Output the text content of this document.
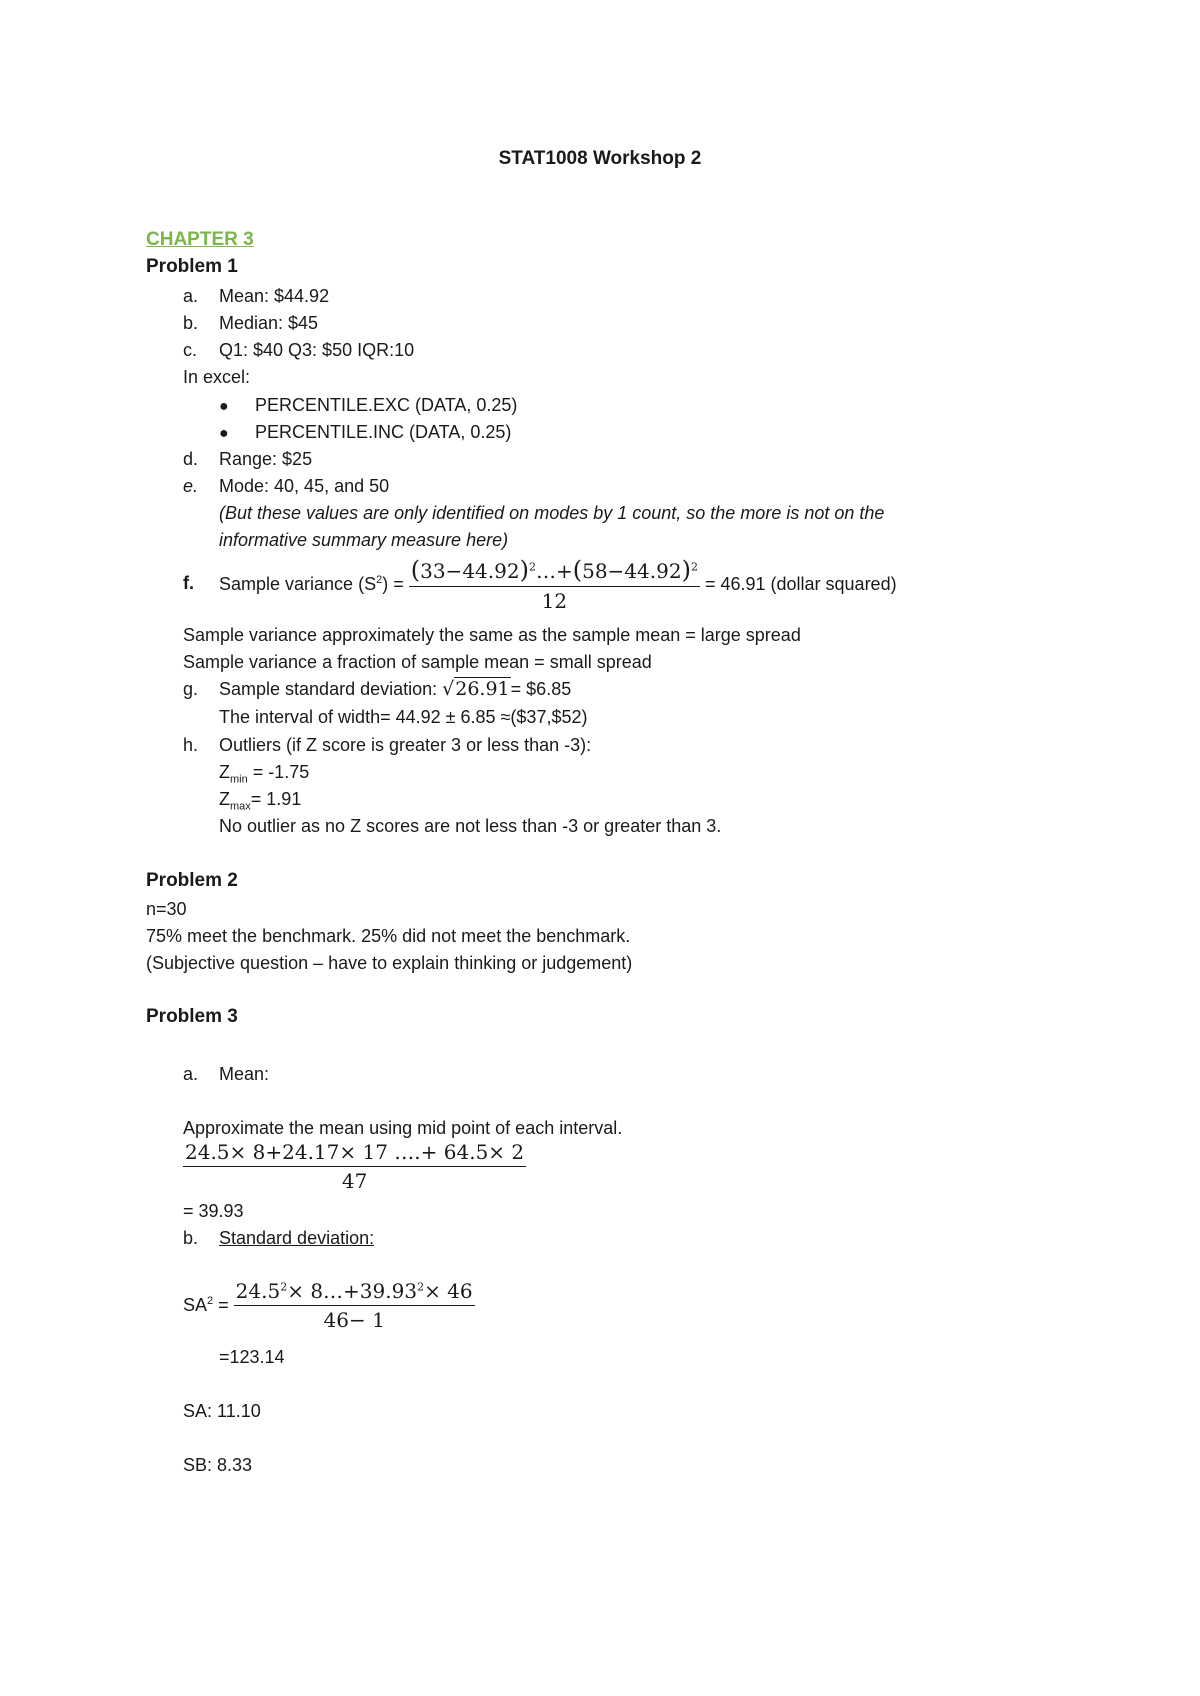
STAT1008 Workshop 2
CHAPTER 3
Problem 1
a. Mean: $44.92
b. Median: $45
c. Q1: $40 Q3: $50 IQR:10
In excel:
● PERCENTILE.EXC (DATA, 0.25)
● PERCENTILE.INC (DATA, 0.25)
d. Range: $25
e. Mode: 40, 45, and 50
(But these values are only identified on modes by 1 count, so the more is not on the
informative summary measure here)
f. Sample variance $(S^2) = \frac{(33-44.92)^2\dots+(58-44.92)^2}{12} = 46.91$ (dollar squared)
Sample variance approximately the same as the sample mean = large spread
Sample variance a fraction of sample mean = small spread
g. Sample standard deviation: √26.91= $6.85
The interval of width= 44.92 ± 6.85 ≈($37,$52)
h. Outliers (if Z score is greater 3 or less than -3):
$Z_{min} = -1.75$
$Z_{max}= 1.91$
No outlier as no Z scores are not less than -3 or greater than 3.
Problem 2
n=30
75% meet the benchmark. 25% did not meet the benchmark.
(Subjective question – have to explain thinking or judgement)
Problem 3
a. Mean:
Approximate the mean using mid point of each interval.
$\frac{24.5\times 8+24.17\times 17 \dots.+ 64.5\times 2}{47}$
= 39.93
b. Standard deviation:
$SA^2 = \frac{24.5^2\times 8\dots+39.93^2\times 46}{46- 1}$
=123.14
SA: 11.10
SB: 8.33
